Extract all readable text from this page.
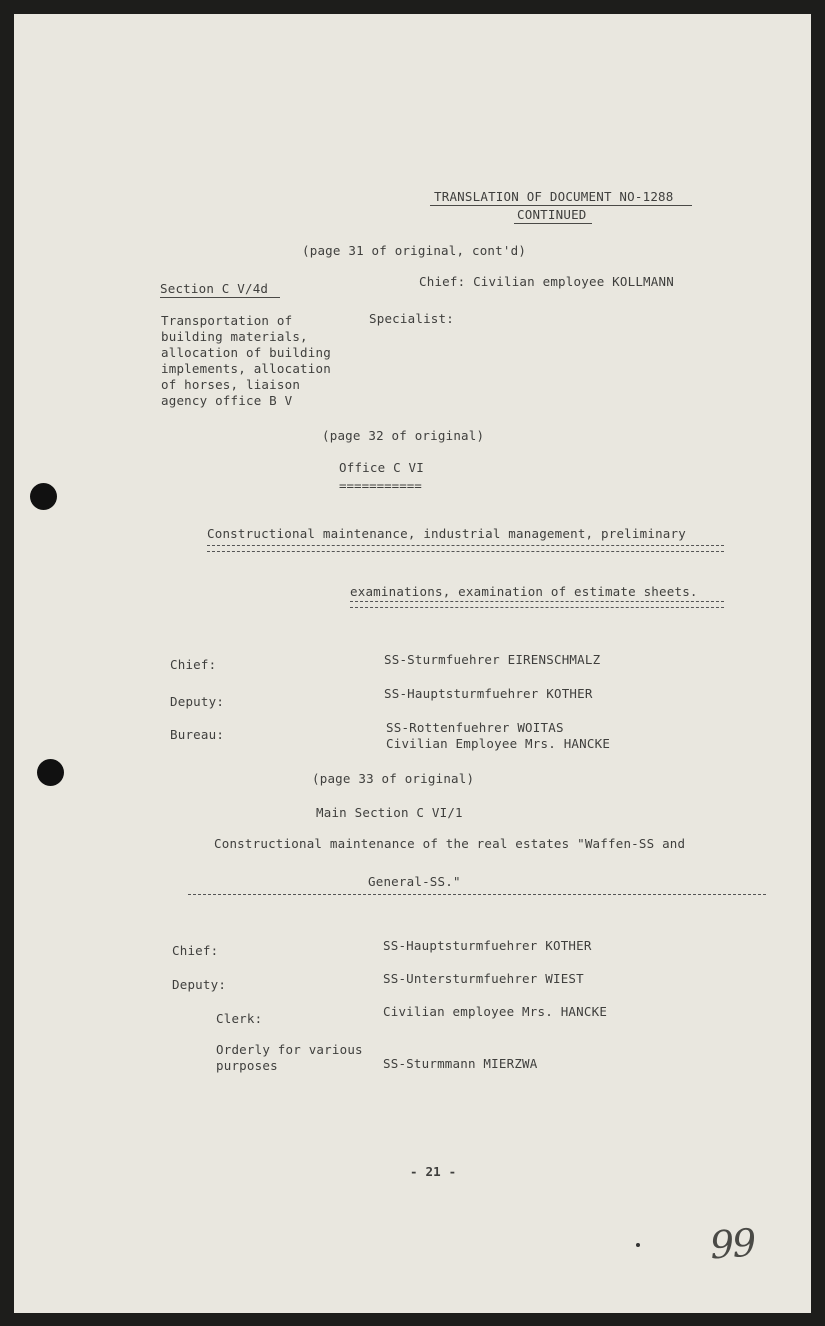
TRANSLATION OF DOCUMENT NO-1288
CONTINUED
(page 31 of original, cont'd)
Section C V/4d	Chief: Civilian employee KOLLMANN
Specialist:
Transportation of
building materials,
allocation of building
implements, allocation
of horses, liaison
agency office B V
(page 32 of original)
Office C VI
===========
Constructional maintenance, industrial management, preliminary
examinations, examination of estimate sheets.
Chief:	SS-Sturmfuehrer EIRENSCHMALZ
Deputy:
SS-Hauptsturmfuehrer KOTHER
Bureau:	SS-Rottenfuehrer WOITAS
Civilian Employee Mrs. HANCKE
(page 33 of original)
Main Section C VI/1
Constructional maintenance of the real estates "Waffen-SS and
General-SS."
Chief:	SS-Hauptsturmfuehrer KOTHER
Deputy:	SS-Untersturmfuehrer WIEST
Clerk:	Civilian employee Mrs. HANCKE
Orderly for various
purposes	SS-Sturmmann MIERZWA
- 21 -
99
